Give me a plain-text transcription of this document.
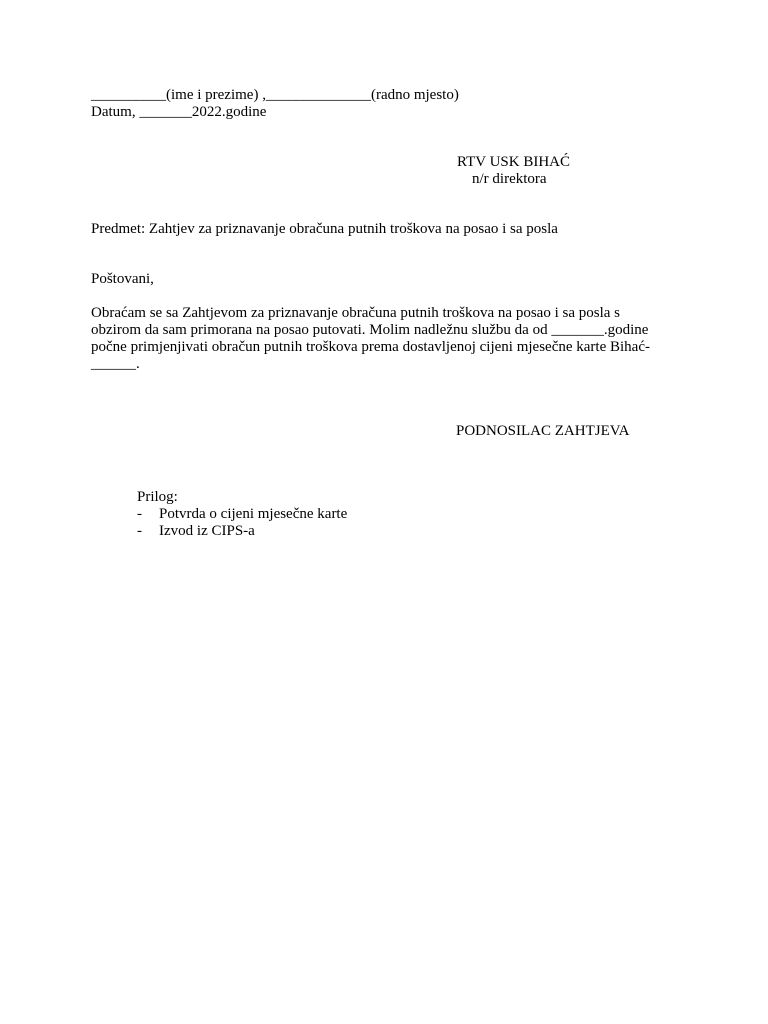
__________(ime i prezime) ,______________(radno mjesto)
Datum, _______2022.godine
RTV USK BIHAĆ
n/r direktora
Predmet: Zahtjev za priznavanje obračuna putnih troškova na posao i sa posla
Poštovani,
Obraćam se sa Zahtjevom za priznavanje obračuna putnih troškova na posao i sa posla s
obzirom da sam primorana na posao putovati. Molim nadležnu službu da od _______.godine
počne primjenjivati obračun putnih troškova prema dostavljenoj cijeni mjesečne karte Bihać-
______.
PODNOSILAC ZAHTJEVA
Prilog:
- Potvrda o cijeni mjesečne karte
- Izvod iz CIPS-a
